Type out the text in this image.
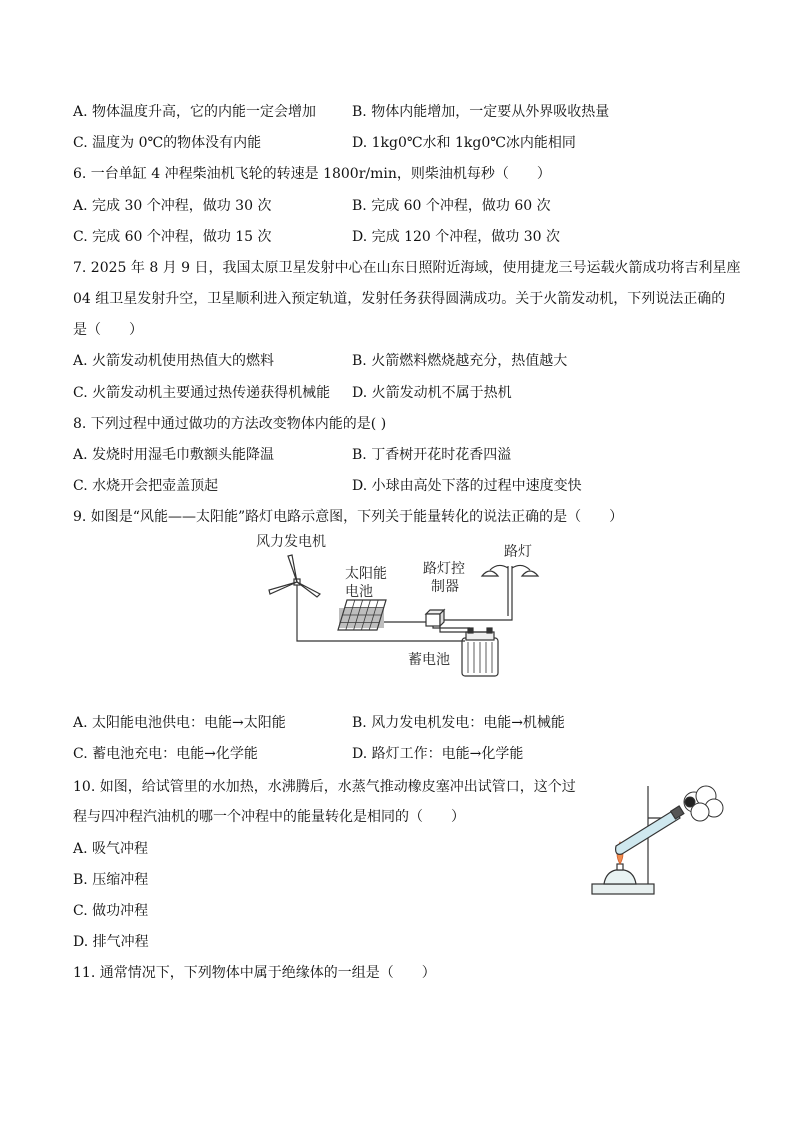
A. 物体温度升高，它的内能一定会增加	B. 物体内能增加，一定要从外界吸收热量
C. 温度为 0℃的物体没有内能	D. 1kg0℃水和 1kg0℃冰内能相同
6. 一台单缸 4 冲程柴油机飞轮的转速是 1800r/min，则柴油机每秒（　　）
A. 完成 30 个冲程，做功 30 次	B. 完成 60 个冲程，做功 60 次
C. 完成 60 个冲程，做功 15 次	D. 完成 120 个冲程，做功 30 次
7. 2025 年 8 月 9 日，我国太原卫星发射中心在山东日照附近海域，使用捷龙三号运载火箭成功将吉利星座
04 组卫星发射升空，卫星顺利进入预定轨道，发射任务获得圆满成功。关于火箭发动机，下列说法正确的
是（　　）
A. 火箭发动机使用热值大的燃料	B. 火箭燃料燃烧越充分，热值越大
C. 火箭发动机主要通过热传递获得机械能 D. 火箭发动机不属于热机
8. 下列过程中通过做功的方法改变物体内能的是( )
A. 发烧时用湿毛巾敷额头能降温	B. 丁香树开花时花香四溢
C. 水烧开会把壶盖顶起	D. 小球由高处下落的过程中速度变快
9. 如图是“风能——太阳能”路灯电路示意图，下列关于能量转化的说法正确的是（　　）
风力发电机
太阳能
电池
路灯控
制器
路灯
蓄电池
A. 太阳能电池供电：电能→太阳能	B. 风力发电机发电：电能→机械能
C. 蓄电池充电：电能→化学能	D. 路灯工作：电能→化学能
10. 如图，给试管里的水加热，水沸腾后，水蒸气推动橡皮塞冲出试管口，这个过
程与四冲程汽油机的哪一个冲程中的能量转化是相同的（　　）
A. 吸气冲程
B. 压缩冲程
C. 做功冲程
D. 排气冲程
11. 通常情况下，下列物体中属于绝缘体的一组是（　　）
